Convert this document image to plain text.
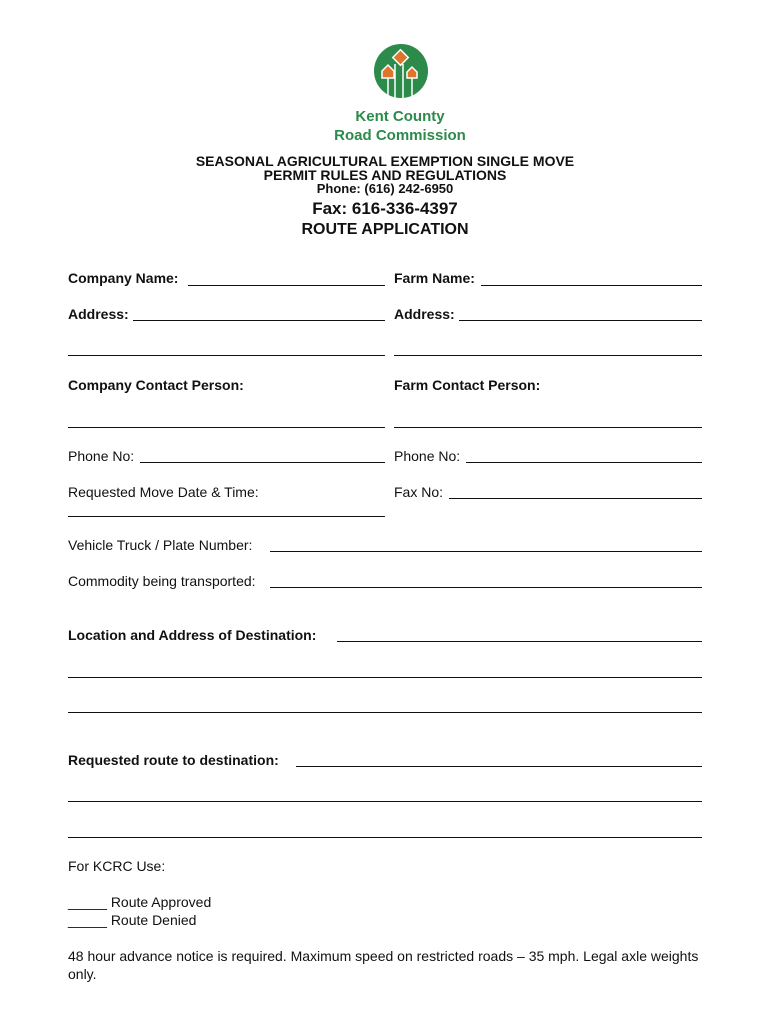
Kent County
Road Commission
SEASONAL AGRICULTURAL EXEMPTION SINGLE MOVE
PERMIT RULES AND REGULATIONS
Phone: (616) 242-6950
Fax: 616-336-4397
ROUTE APPLICATION
Company Name:	Farm Name:
Address:	Address:
Company Contact Person:	Farm Contact Person:
Phone No:	Phone No:
Requested Move Date & Time:	Fax No:
Vehicle Truck / Plate Number:
Commodity being transported:
Location and Address of Destination:
Requested route to destination:
For KCRC Use:
_____ Route Approved
_____ Route Denied
48 hour advance notice is required. Maximum speed on restricted roads – 35 mph. Legal axle weights only.
